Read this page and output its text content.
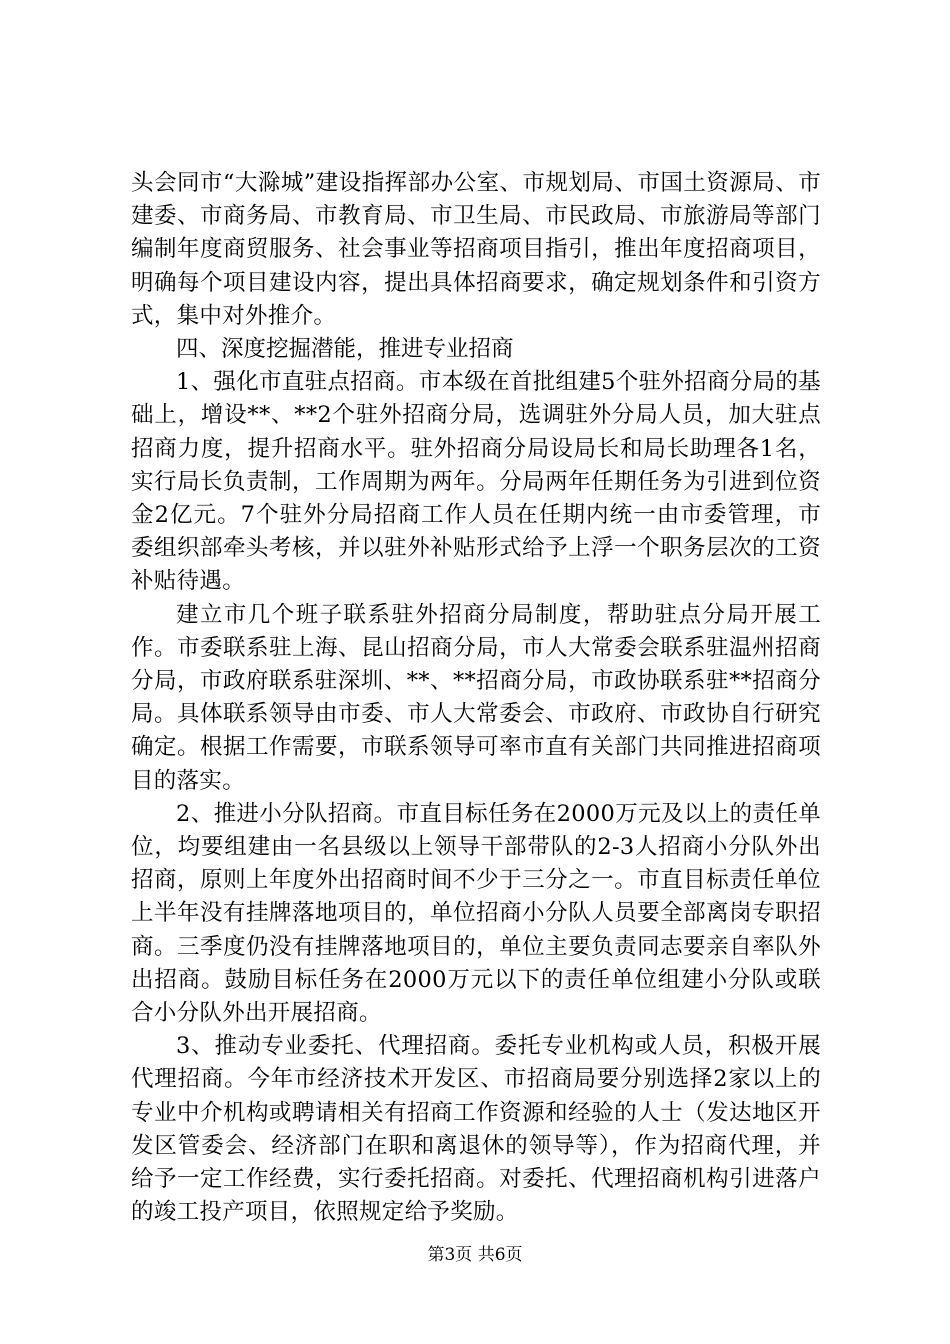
头会同市“大滁城”建设指挥部办公室、市规划局、市国土资源局、市建委、市商务局、市教育局、市卫生局、市民政局、市旅游局等部门编制年度商贸服务、社会事业等招商项目指引，推出年度招商项目，明确每个项目建设内容，提出具体招商要求，确定规划条件和引资方式，集中对外推介。

四、深度挖掘潜能，推进专业招商

1、强化市直驻点招商。市本级在首批组建5个驻外招商分局的基础上，增设**、**2个驻外招商分局，选调驻外分局人员，加大驻点招商力度，提升招商水平。驻外招商分局设局长和局长助理各1名，实行局长负责制，工作周期为两年。分局两年任期任务为引进到位资金2亿元。7个驻外分局招商工作人员在任期内统一由市委管理，市委组织部牵头考核，并以驻外补贴形式给予上浮一个职务层次的工资补贴待遇。

建立市几个班子联系驻外招商分局制度，帮助驻点分局开展工作。市委联系驻上海、昆山招商分局，市人大常委会联系驻温州招商分局，市政府联系驻深圳、**、**招商分局，市政协联系驻**招商分局。具体联系领导由市委、市人大常委会、市政府、市政协自行研究确定。根据工作需要，市联系领导可率市直有关部门共同推进招商项目的落实。

2、推进小分队招商。市直目标任务在2000万元及以上的责任单位，均要组建由一名县级以上领导干部带队的2-3人招商小分队外出招商，原则上年度外出招商时间不少于三分之一。市直目标责任单位上半年没有挂牌落地项目的，单位招商小分队人员要全部离岗专职招商。三季度仍没有挂牌落地项目的，单位主要负责同志要亲自率队外出招商。鼓励目标任务在2000万元以下的责任单位组建小分队或联合小分队外出开展招商。

3、推动专业委托、代理招商。委托专业机构或人员，积极开展代理招商。今年市经济技术开发区、市招商局要分别选择2家以上的专业中介机构或聘请相关有招商工作资源和经验的人士（发达地区开发区管委会、经济部门在职和离退休的领导等），作为招商代理，并给予一定工作经费，实行委托招商。对委托、代理招商机构引进落户的竣工投产项目，依照规定给予奖励。

第3页 共6页
